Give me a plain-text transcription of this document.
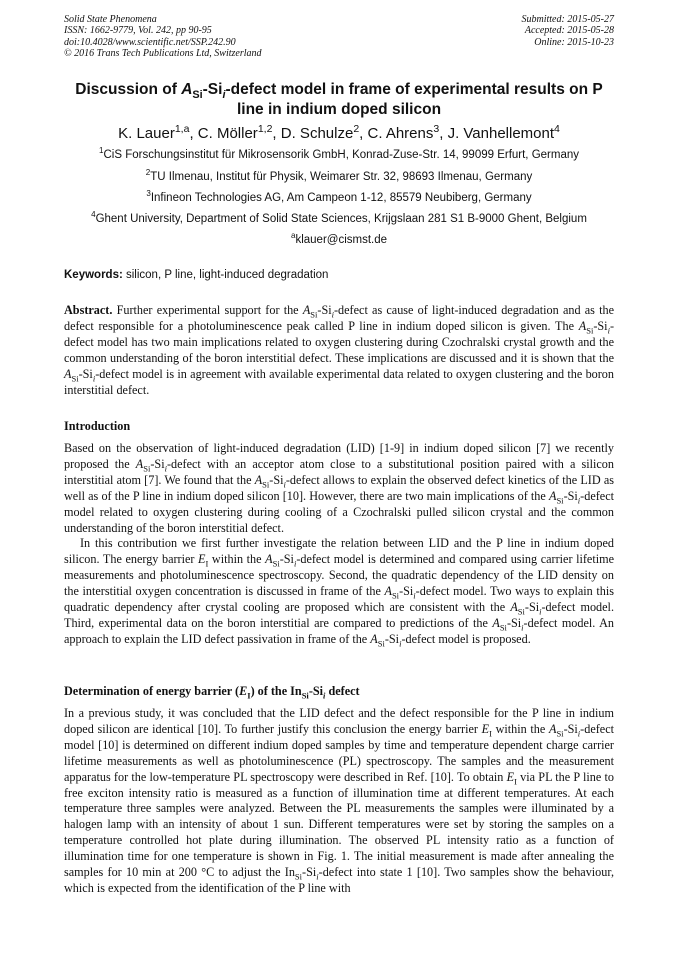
Solid State Phenomena
ISSN: 1662-9779, Vol. 242, pp 90-95
doi:10.4028/www.scientific.net/SSP.242.90
© 2016 Trans Tech Publications Ltd, Switzerland
Submitted: 2015-05-27
Accepted: 2015-05-28
Online: 2015-10-23
Discussion of $A_{Si}-Si_i$-defect model in frame of experimental results on P
line in indium doped silicon
K. Lauer$^{1,a}$, C. Möller$^{1,2}$, D. Schulze$^2$, C. Ahrens$^3$, J. Vanhellemont$^4$
$^1$CiS Forschungsinstitut für Mikrosensorik GmbH, Konrad-Zuse-Str. 14, 99099 Erfurt, Germany
$^2$TU Ilmenau, Institut für Physik, Weimarer Str. 32, 98693 Ilmenau, Germany
$^3$Infineon Technologies AG, Am Campeon 1-12, 85579 Neubiberg, Germany
$^4$Ghent University, Department of Solid State Sciences, Krijgslaan 281 S1 B-9000 Ghent, Belgium
$^a$klauer@cismst.de
Keywords: silicon, P line, light-induced degradation

Abstract. Further experimental support for the $A_{Si}-Si_i$-defect as cause of light-induced degradation and as the defect responsible for a photoluminescence peak called P line in indium doped silicon is given. The $A_{Si}-Si_i$-defect model has two main implications related to oxygen clustering during Czochralski crystal growth and the common understanding of the boron interstitial defect. These implications are discussed and it is shown that the $A_{Si}-Si_i$-defect model is in agreement with available experimental data related to oxygen clustering and the boron interstitial defect.

Introduction

Based on the observation of light-induced degradation (LID) [1-9] in indium doped silicon [7] we recently proposed the $A_{Si}-Si_i$-defect with an acceptor atom close to a substitutional position paired with a silicon interstitial atom [7]. We found that the $A_{Si}-Si_i$-defect allows to explain the observed defect kinetics of the LID as well as of the P line in indium doped silicon [10]. However, there are two main implications of the $A_{Si}-Si_i$-defect model related to oxygen clustering during cooling of a Czochralski pulled silicon crystal and the common understanding of the boron interstitial defect.

In this contribution we first further investigate the relation between LID and the P line in indium doped silicon. The energy barrier $E_I$ within the $A_{Si}-Si_i$-defect model is determined and compared using carrier lifetime measurements and photoluminescence spectroscopy. Second, the quadratic dependency of the LID density on the interstitial oxygen concentration is discussed in frame of the $A_{Si}-Si_i$-defect model. Two ways to explain this quadratic dependency after crystal cooling are proposed which are consistent with the $A_{Si}-Si_i$-defect model. Third, experimental data on the boron interstitial are compared to predictions of the $A_{Si}-Si_i$-defect model. An approach to explain the LID defect passivation in frame of the $A_{Si}-Si_i$-defect model is proposed.

Determination of energy barrier $(E_I)$ of the $In_{Si}-Si_i$ defect

In a previous study, it was concluded that the LID defect and the defect responsible for the P line in indium doped silicon are identical [10]. To further justify this conclusion the energy barrier $E_I$ within the $A_{Si}-Si_i$-defect model [10] is determined on different indium doped samples by time and temperature dependent charge carrier lifetime measurements as well as photoluminescence (PL) spectroscopy. The samples and the measurement apparatus for the low-temperature PL spectroscopy were described in Ref. [10]. To obtain $E_I$ via PL the P line to free exciton intensity ratio is measured as a function of illumination time at different temperatures. At each temperature three samples were analyzed. Between the PL measurements the samples were illuminated by a halogen lamp with an intensity of about 1 sun. Different temperatures were set by storing the samples on a temperature controlled hot plate during illumination. The observed PL intensity ratio as a function of illumination time for one temperature is shown in Fig. 1. The initial measurement is made after annealing the samples for 10 min at 200 °C to adjust the $In_{Si}-Si_i$-defect into state 1 [10]. Two samples show the behaviour, which is expected from the identification of the P line with
